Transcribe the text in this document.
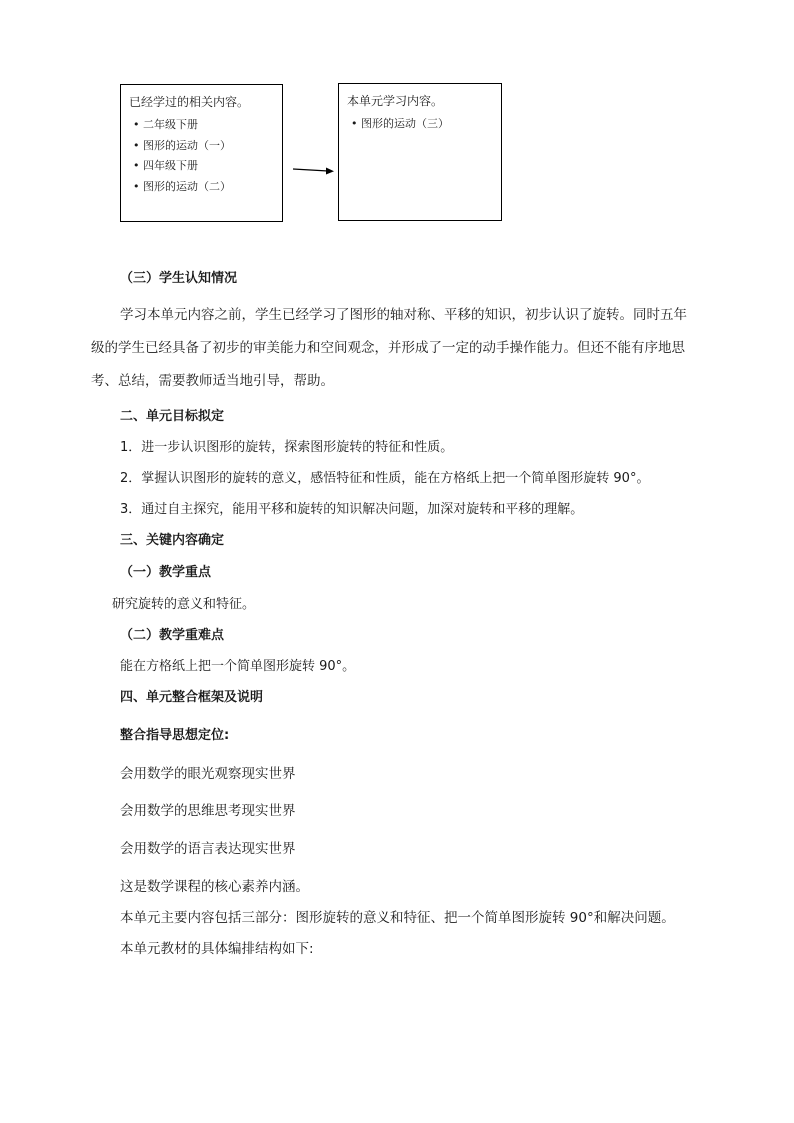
已经学过的相关内容。
• 二年级下册
• 图形的运动（一）
• 四年级下册
• 图形的运动（二）
本单元学习内容。
• 图形的运动（三）
（三）学生认知情况
学习本单元内容之前，学生已经学习了图形的轴对称、平移的知识，初步认识了旋转。同时五年
级的学生已经具备了初步的审美能力和空间观念，并形成了一定的动手操作能力。但还不能有序地思
考、总结，需要教师适当地引导，帮助。
二、单元目标拟定
1．进一步认识图形的旋转，探索图形旋转的特征和性质。
2．掌握认识图形的旋转的意义，感悟特征和性质，能在方格纸上把一个简单图形旋转 90°。
3．通过自主探究，能用平移和旋转的知识解决问题，加深对旋转和平移的理解。
三、关键内容确定
（一）教学重点
研究旋转的意义和特征。
（二）教学重难点
能在方格纸上把一个简单图形旋转 90°。
四、单元整合框架及说明
整合指导思想定位:
会用数学的眼光观察现实世界
会用数学的思维思考现实世界
会用数学的语言表达现实世界
这是数学课程的核心素养内涵。
本单元主要内容包括三部分：图形旋转的意义和特征、把一个简单图形旋转 90°和解决问题。
本单元教材的具体编排结构如下:
